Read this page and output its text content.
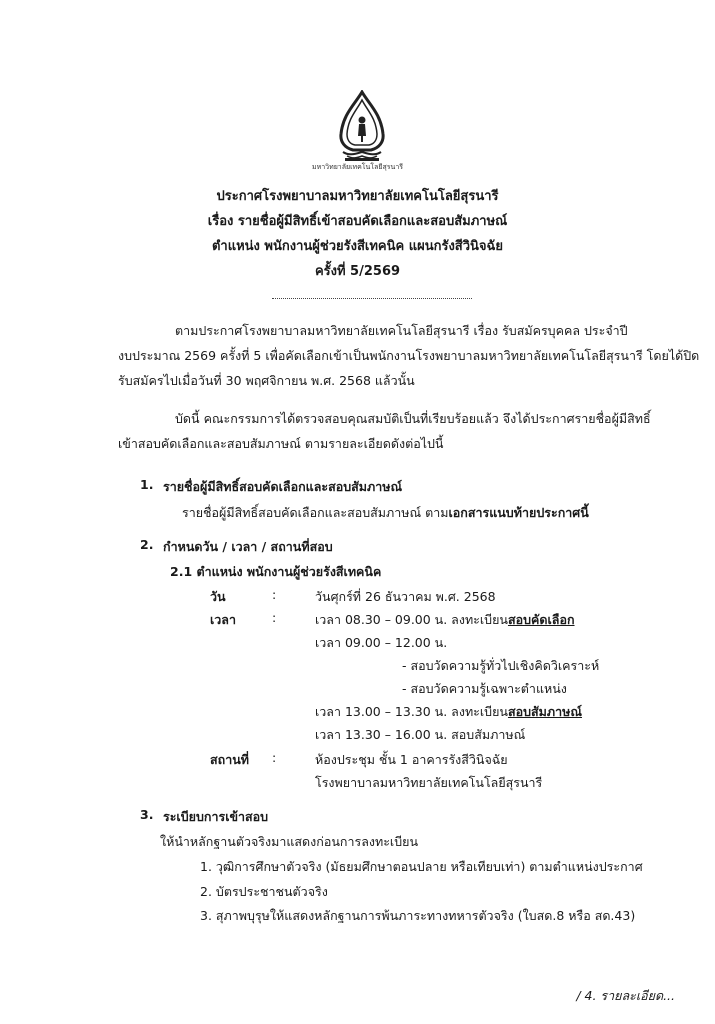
มหาวิทยาลัยเทคโนโลยีสุรนารี
ประกาศโรงพยาบาลมหาวิทยาลัยเทคโนโลยีสุรนารี
เรื่อง รายชื่อผู้มีสิทธิ์เข้าสอบคัดเลือกและสอบสัมภาษณ์
ตำแหน่ง พนักงานผู้ช่วยรังสีเทคนิค แผนกรังสีวินิจฉัย
ครั้งที่ 5/2569
ตามประกาศโรงพยาบาลมหาวิทยาลัยเทคโนโลยีสุรนารี เรื่อง รับสมัครบุคคล ประจำปี
งบประมาณ 2569 ครั้งที่ 5 เพื่อคัดเลือกเข้าเป็นพนักงานโรงพยาบาลมหาวิทยาลัยเทคโนโลยีสุรนารี โดยได้ปิด
รับสมัครไปเมื่อวันที่ 30 พฤศจิกายน พ.ศ. 2568 แล้วนั้น
บัดนี้ คณะกรรมการได้ตรวจสอบคุณสมบัติเป็นที่เรียบร้อยแล้ว จึงได้ประกาศรายชื่อผู้มีสิทธิ์
เข้าสอบคัดเลือกและสอบสัมภาษณ์ ตามรายละเอียดดังต่อไปนี้
1. รายชื่อผู้มีสิทธิ์สอบคัดเลือกและสอบสัมภาษณ์
รายชื่อผู้มีสิทธิ์สอบคัดเลือกและสอบสัมภาษณ์ ตามเอกสารแนบท้ายประกาศนี้
2. กำหนดวัน / เวลา / สถานที่สอบ
2.1 ตำแหน่ง พนักงานผู้ช่วยรังสีเทคนิค
วัน	:	วันศุกร์ที่ 26 ธันวาคม พ.ศ. 2568
เวลา	:	เวลา 08.30 – 09.00 น. ลงทะเบียนสอบคัดเลือก
เวลา 09.00 – 12.00 น.
- สอบวัดความรู้ทั่วไปเชิงคิดวิเคราะห์
- สอบวัดความรู้เฉพาะตำแหน่ง
เวลา 13.00 – 13.30 น. ลงทะเบียนสอบสัมภาษณ์
เวลา 13.30 – 16.00 น. สอบสัมภาษณ์
สถานที่ :	ห้องประชุม ชั้น 1 อาคารรังสีวินิจฉัย
โรงพยาบาลมหาวิทยาลัยเทคโนโลยีสุรนารี
3. ระเบียบการเข้าสอบ
ให้นำหลักฐานตัวจริงมาแสดงก่อนการลงทะเบียน
1. วุฒิการศึกษาตัวจริง (มัธยมศึกษาตอนปลาย หรือเทียบเท่า) ตามตำแหน่งประกาศ
2. บัตรประชาชนตัวจริง
3. สุภาพบุรุษให้แสดงหลักฐานการพ้นภาระทางทหารตัวจริง (ใบสด.8 หรือ สด.43)
/ 4. รายละเอียด...
